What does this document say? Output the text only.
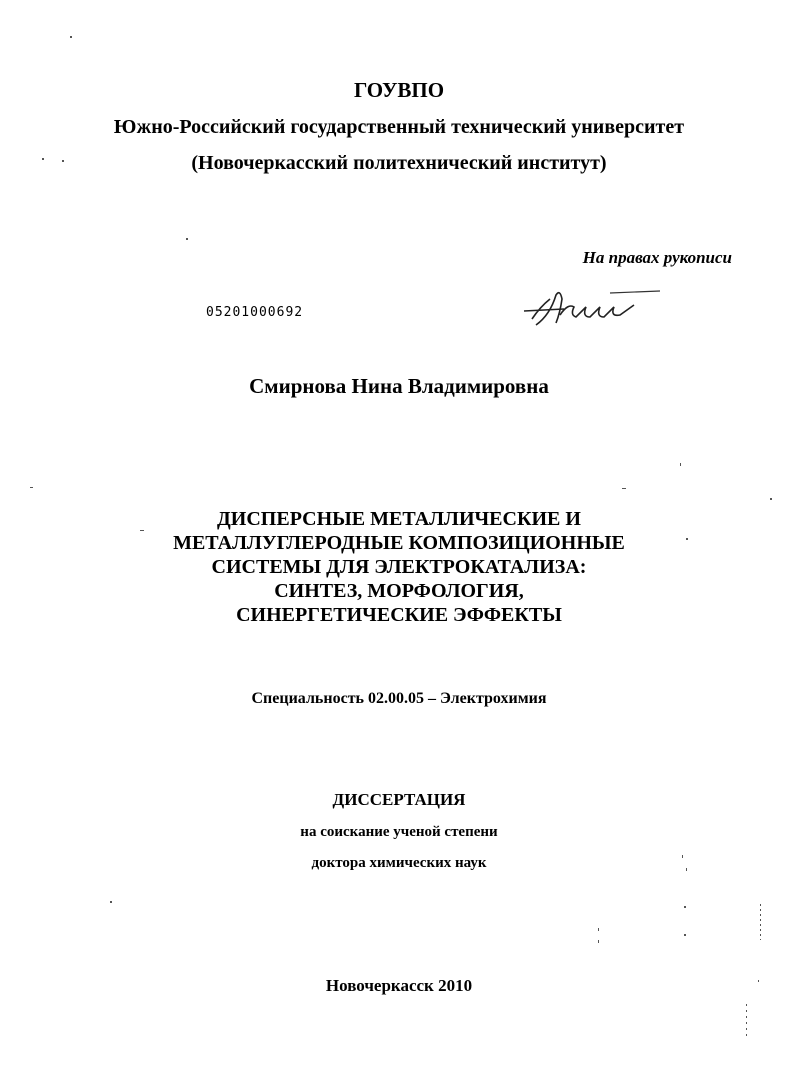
ГОУВПО
Южно-Российский государственный технический университет
(Новочеркасский политехнический институт)
На правах рукописи
05201000692
Смирнова Нина Владимировна
ДИСПЕРСНЫЕ МЕТАЛЛИЧЕСКИЕ И
МЕТАЛЛУГЛЕРОДНЫЕ КОМПОЗИЦИОННЫЕ
СИСТЕМЫ ДЛЯ ЭЛЕКТРОКАТАЛИЗА:
СИНТЕЗ, МОРФОЛОГИЯ,
СИНЕРГЕТИЧЕСКИЕ ЭФФЕКТЫ
Специальность 02.00.05 – Электрохимия
ДИССЕРТАЦИЯ
на соискание ученой степени
доктора химических наук
Новочеркасск 2010
